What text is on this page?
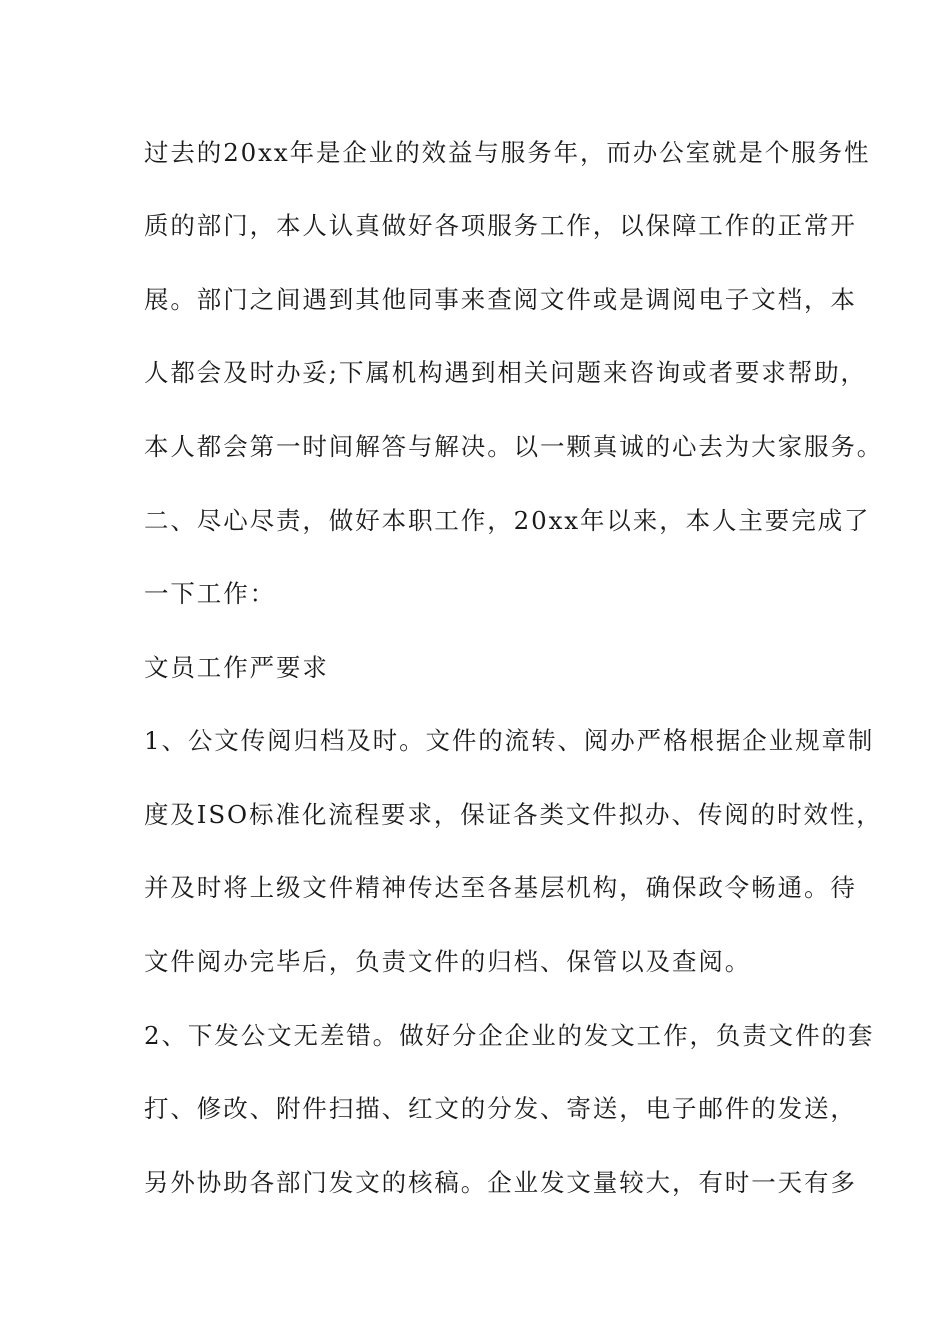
过去的20xx年是企业的效益与服务年，而办公室就是个服务性
质的部门，本人认真做好各项服务工作，以保障工作的正常开
展。部门之间遇到其他同事来查阅文件或是调阅电子文档，本
人都会及时办妥;下属机构遇到相关问题来咨询或者要求帮助，
本人都会第一时间解答与解决。以一颗真诚的心去为大家服务。
二、尽心尽责，做好本职工作，20xx年以来，本人主要完成了
一下工作：
文员工作严要求
1、公文传阅归档及时。文件的流转、阅办严格根据企业规章制
度及ISO标准化流程要求，保证各类文件拟办、传阅的时效性，
并及时将上级文件精神传达至各基层机构，确保政令畅通。待
文件阅办完毕后，负责文件的归档、保管以及查阅。
2、下发公文无差错。做好分企企业的发文工作，负责文件的套
打、修改、附件扫描、红文的分发、寄送，电子邮件的发送，
另外协助各部门发文的核稿。企业发文量较大，有时一天有多
